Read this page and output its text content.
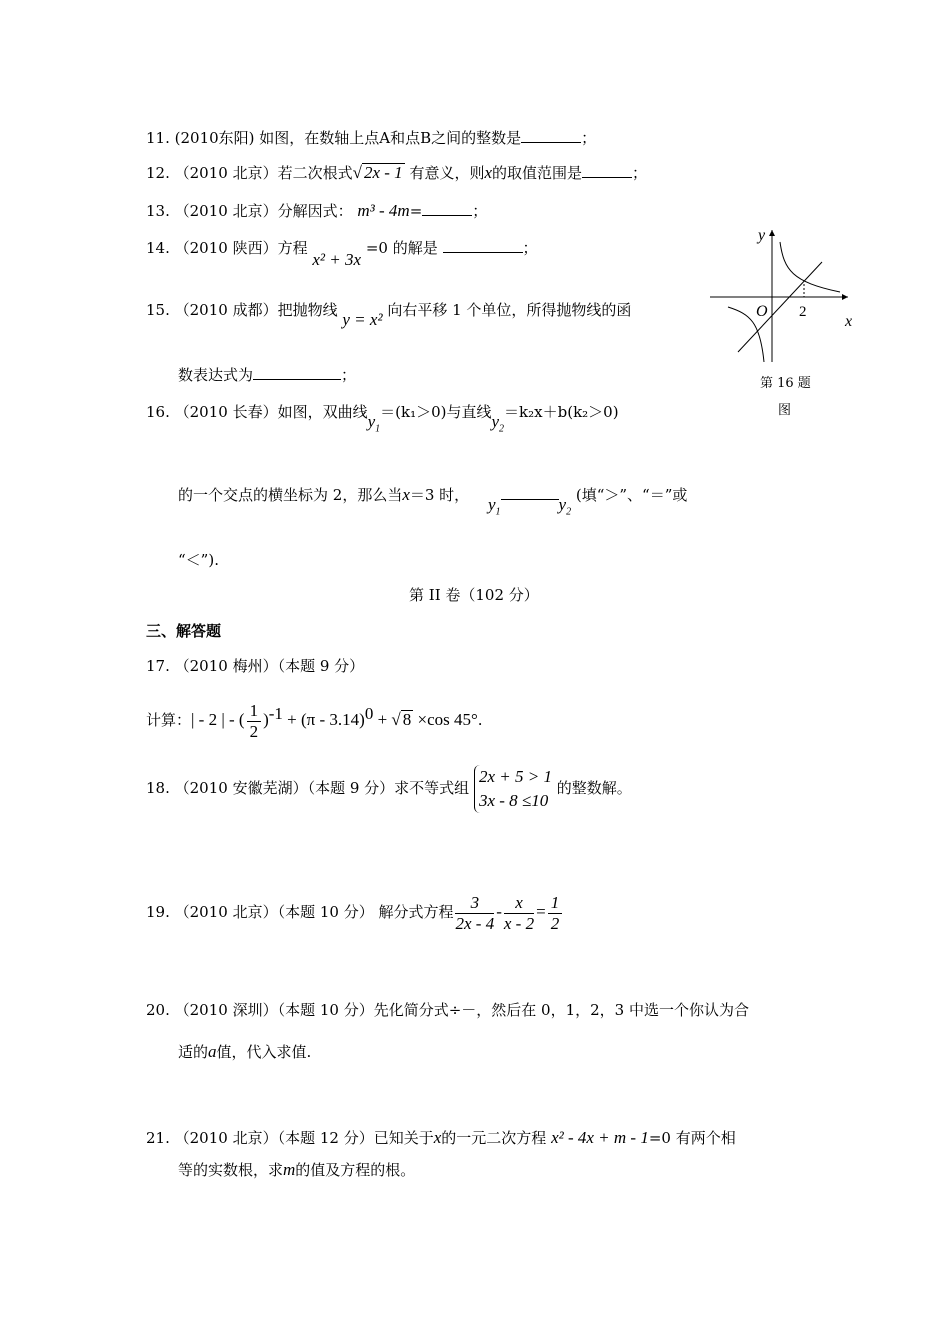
11. (2010东阳) 如图，在数轴上点A和点B之间的整数是	；
12. （2010 北京）若二次根式√ 2x - 1 有意义，则x的取值范围是	；
13. （2010 北京）分解因式： m³ - 4m=	；
14. （2010 陕西）方程 x² + 3x =0 的解是	；
15. （2010 成都）把抛物线 y = x² 向右平移 1 个单位，所得抛物线的函
数表达式为	；
16. （2010 长春）如图，双曲线$y_1=(k_1>0)$与直线$y_2=k_2x+b(k_2>0)$
的一个交点的横坐标为 2，那么当x＝3 时， $y_1$	$y_2$ (填“＞”、“＝”或
“＜”).
y
x
O 2
第 16 题
图
第 II 卷（102 分）
三、解答题
17. （2010 梅州）（本题 9 分）
计算：| - 2 | - ( $\frac{1}{2} )^{-1} + (\pi - 3.14)^0$ + √ 8 ×cos 45°.
18. （2010 安徽芜湖）（本题 9 分）求不等式组
2x + 5 > 1
3x - 8 ≤10
的整数解。
19. （2010 北京）（本题 10 分） 解分式方程 $\frac{3}{2x - 4} - \frac{x}{x - 2} = \frac{1}{2}$
20. （2010 深圳）（本题 10 分）先化简分式÷－，然后在 0，1，2，3 中选一个你认为合
适的a值，代入求值.
21. （2010 北京）（本题 12 分）已知关于x的一元二次方程 x² - 4x + m - 1=0 有两个相
等的实数根，求m的值及方程的根。
